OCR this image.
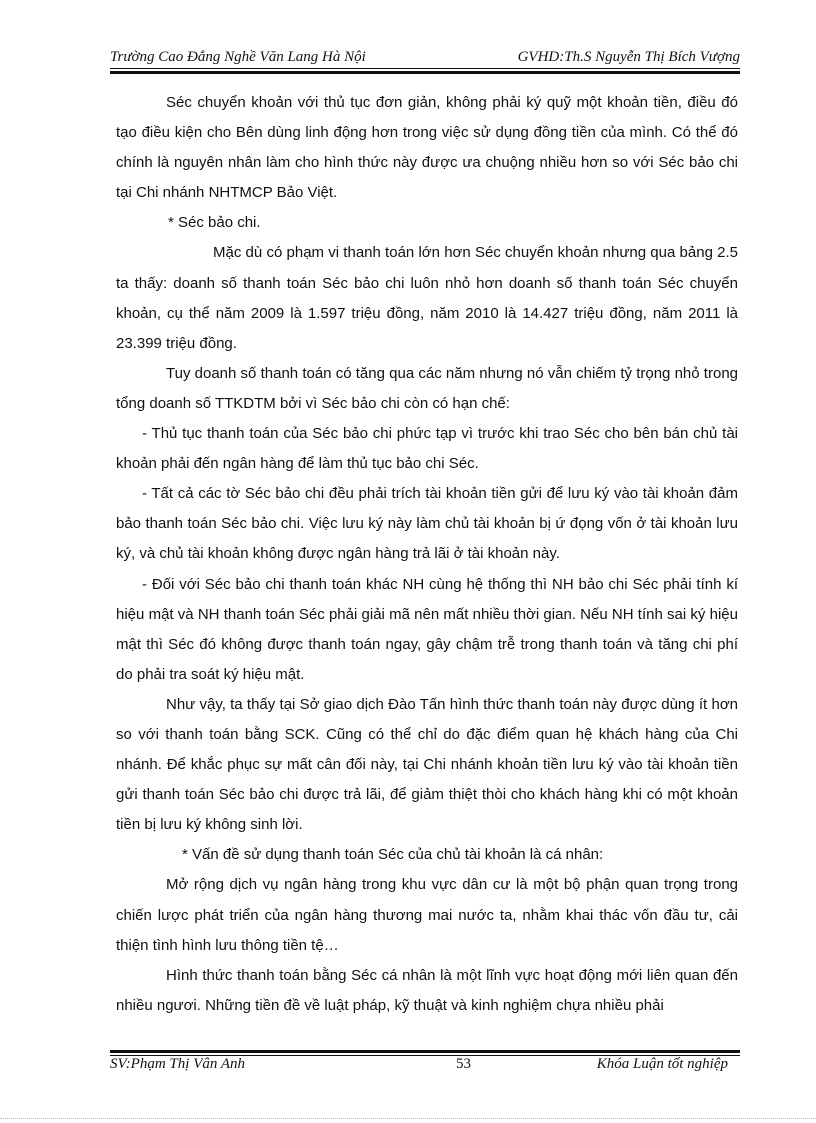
Trường Cao Đẳng Nghề Văn Lang Hà Nội	GVHD:Th.S Nguyễn Thị Bích Vượng

Séc chuyển khoản với thủ tục đơn giản, không phải ký quỹ một khoản tiền, điều đó tạo điều kiện cho Bên dùng linh động hơn trong việc sử dụng đồng tiền của mình. Có thể đó chính là nguyên nhân làm cho hình thức này được ưa chuộng nhiều hơn so với Séc bảo chi tại Chi nhánh NHTMCP Bảo Việt.

* Séc bảo chi.

Mặc dù có phạm vi thanh toán lớn hơn Séc chuyển khoản nhưng qua bảng 2.5 ta thấy: doanh số thanh toán Séc bảo chi luôn nhỏ hơn doanh số thanh toán Séc chuyển khoản, cụ thể năm 2009 là 1.597 triệu đồng, năm 2010 là 14.427 triệu đồng, năm 2011 là 23.399 triệu đồng.

Tuy doanh số thanh toán có tăng qua các năm nhưng nó vẫn chiếm tỷ trọng nhỏ trong tổng doanh số TTKDTM bởi vì Séc bảo chi còn có hạn chế:

- Thủ tục thanh toán của Séc bảo chi phức tạp vì trước khi trao Séc cho bên bán chủ tài khoản phải đến ngân hàng để làm thủ tục bảo chi Séc.

- Tất cả các tờ Séc bảo chi đều phải trích tài khoản tiền gửi để lưu ký vào tài khoản đảm bảo thanh toán Séc bảo chi. Việc lưu ký này làm chủ tài khoản bị ứ đọng vốn ở tài khoản lưu ký, và chủ tài khoản không được ngân hàng trả lãi ở tài khoản này.

- Đối với Séc bảo chi thanh toán khác NH cùng hệ thống thì NH bảo chi Séc phải tính kí hiệu mật và NH thanh toán Séc phải giải mã nên mất nhiều thời gian. Nếu NH tính sai ký hiệu mật thì Séc đó không được thanh toán ngay, gây chậm trễ trong thanh toán và tăng chi phí do phải tra soát ký hiệu mật.

Như vậy, ta thấy tại Sở giao dịch Đào Tấn hình thức thanh toán này được dùng ít hơn so với thanh toán bằng SCK. Cũng có thể chỉ do đặc điểm quan hệ khách hàng của Chi nhánh. Để khắc phục sự mất cân đối này, tại Chi nhánh khoản tiền lưu ký vào tài khoản tiền gửi thanh toán Séc bảo chi được trả lãi, để giảm thiệt thòi cho khách hàng khi có một khoản tiền bị lưu ký không sinh lời.

* Vấn đề sử dụng thanh toán Séc của chủ tài khoản là cá nhân:

Mở rộng dịch vụ ngân hàng trong khu vực dân cư là một bộ phận quan trọng trong chiến lược phát triển của ngân hàng thương mai nước ta, nhằm khai thác vốn đầu tư, cải thiện tình hình lưu thông tiền tệ…

Hình thức thanh toán bằng Séc cá nhân là một lĩnh vực hoạt động mới liên quan đến nhiều ngươi. Những tiền đề về luật pháp, kỹ thuật và kinh nghiệm chựa nhiều phải

SV:Phạm Thị Vân Anh	53	Khóa Luận tốt nghiệp
